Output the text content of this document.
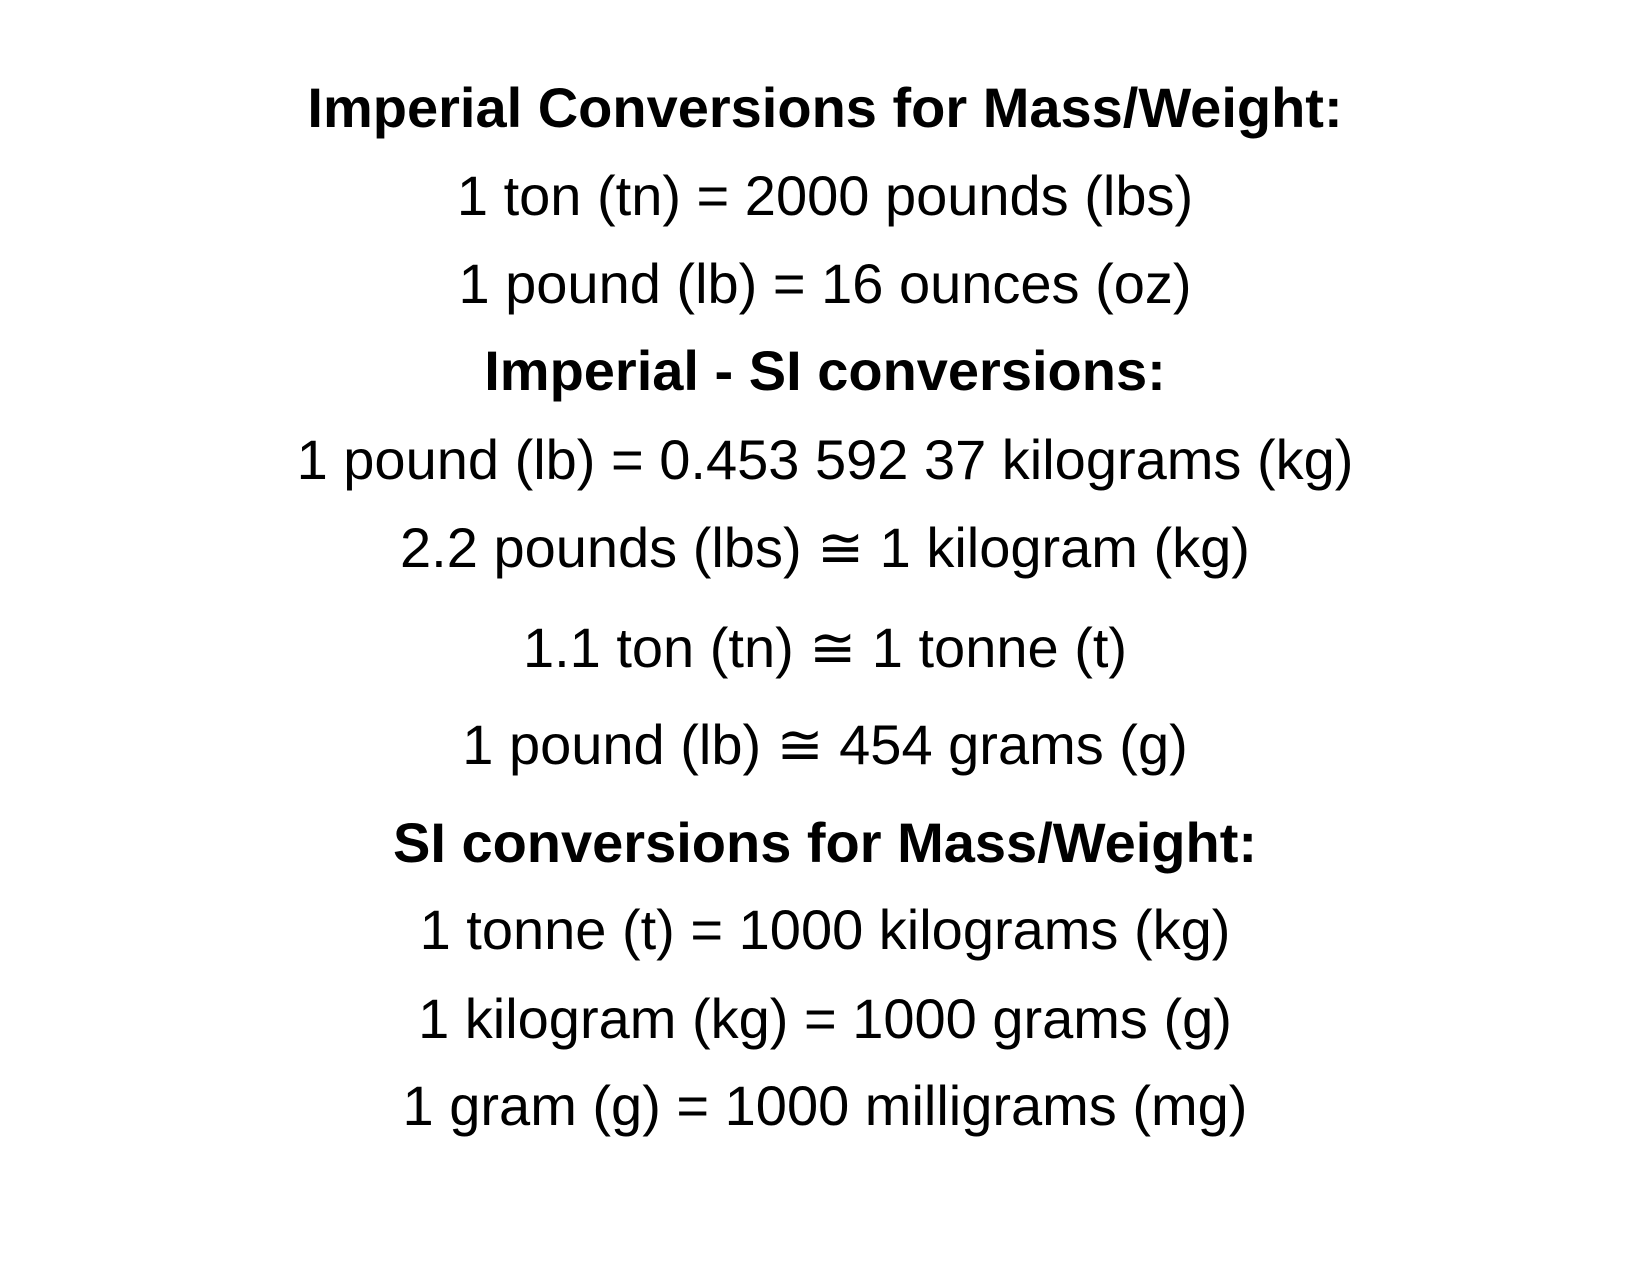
Imperial Conversions for Mass/Weight:
1 ton (tn) = 2000 pounds (lbs)
1 pound (lb) = 16 ounces (oz)
Imperial - SI conversions:
1 pound (lb) = 0.453 592 37 kilograms (kg)
2.2 pounds (lbs) ≅ 1 kilogram (kg)
1.1 ton (tn) ≅ 1 tonne (t)
1 pound (lb) ≅ 454 grams (g)
SI conversions for Mass/Weight:
1 tonne (t) = 1000 kilograms (kg)
1 kilogram (kg) = 1000 grams (g)
1 gram (g) = 1000 milligrams (mg)
